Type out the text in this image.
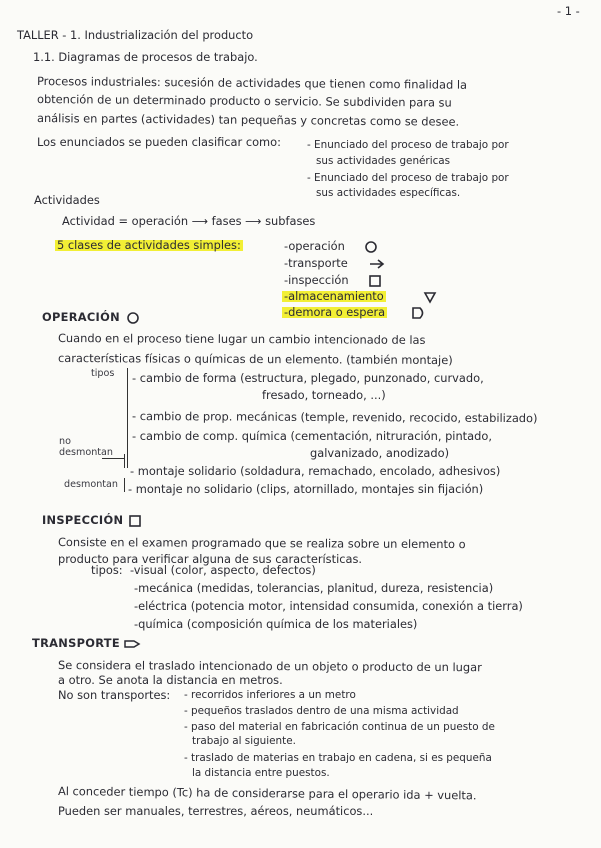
- 1 -
TALLER - 1. Industrialización del producto
1.1. Diagramas de procesos de trabajo.
Procesos industriales: sucesión de actividades que tienen como finalidad la
obtención de un determinado producto o servicio. Se subdividen para su
análisis en partes (actividades) tan pequeñas y concretas como se desee.
Los enunciados se pueden clasificar como:	- Enunciado del proceso de trabajo por
sus actividades genéricas
- Enunciado del proceso de trabajo por
sus actividades específicas.
Actividades
Actividad = operación ⟶ fases ⟶ subfases
5 clases de actividades simples:	-operación
-transporte
-inspección
-almacenamiento
-demora o espera
OPERACIÓN
Cuando en el proceso tiene lugar un cambio intencionado de las
características físicas o químicas de un elemento. (también montaje)
tipos - cambio de forma (estructura, plegado, punzonado, curvado,
fresado, torneado, ...)
- cambio de prop. mecánicas (temple, revenido, recocido, estabilizado)
- cambio de comp. química (cementación, nitruración, pintado,
galvanizado, anodizado)
no desmontan
- montaje solidario (soldadura, remachado, encolado, adhesivos)
desmontan - montaje no solidario (clips, atornillado, montajes sin fijación)
INSPECCIÓN
Consiste en el examen programado que se realiza sobre un elemento o
producto para verificar alguna de sus características.
tipos: -visual (color, aspecto, defectos)
-mecánica (medidas, tolerancias, planitud, dureza, resistencia)
-eléctrica (potencia motor, intensidad consumida, conexión a tierra)
-química (composición química de los materiales)
TRANSPORTE
Se considera el traslado intencionado de un objeto o producto de un lugar
a otro. Se anota la distancia en metros.
No son transportes: - recorridos inferiores a un metro
- pequeños traslados dentro de una misma actividad
- paso del material en fabricación continua de un puesto de
trabajo al siguiente.
- traslado de materias en trabajo en cadena, si es pequeña
la distancia entre puestos.
Al conceder tiempo (Tc) ha de considerarse para el operario ida + vuelta.
Pueden ser manuales, terrestres, aéreos, neumáticos...
